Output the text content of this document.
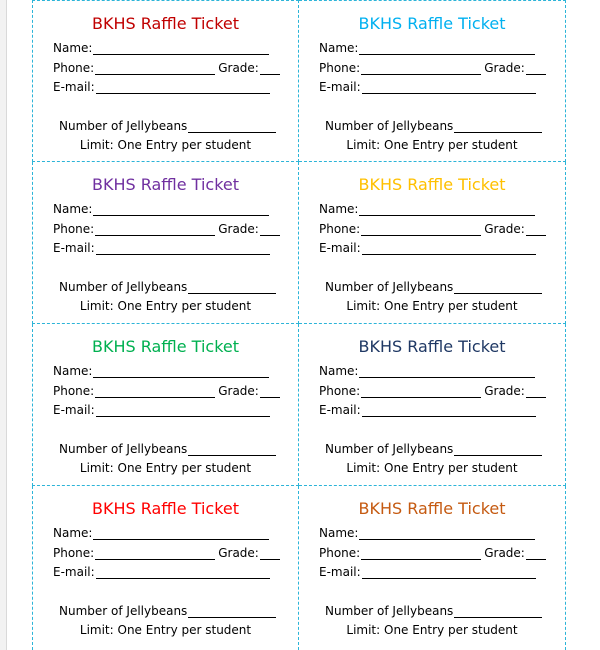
BKHS Raffle Ticket
Name:
Phone:	Grade:
E-mail:
Number of Jellybeans
Limit: One Entry per student
BKHS Raffle Ticket
Name:
Phone:	Grade:
E-mail:
Number of Jellybeans
Limit: One Entry per student
BKHS Raffle Ticket
Name:
Phone:	Grade:
E-mail:
Number of Jellybeans
Limit: One Entry per student
BKHS Raffle Ticket
Name:
Phone:	Grade:
E-mail:
Number of Jellybeans
Limit: One Entry per student
BKHS Raffle Ticket
Name:
Phone:	Grade:
E-mail:
Number of Jellybeans
Limit: One Entry per student
BKHS Raffle Ticket
Name:
Phone:	Grade:
E-mail:
Number of Jellybeans
Limit: One Entry per student
BKHS Raffle Ticket
Name:
Phone:	Grade:
E-mail:
Number of Jellybeans
Limit: One Entry per student
BKHS Raffle Ticket
Name:
Phone:	Grade:
E-mail:
Number of Jellybeans
Limit: One Entry per student
